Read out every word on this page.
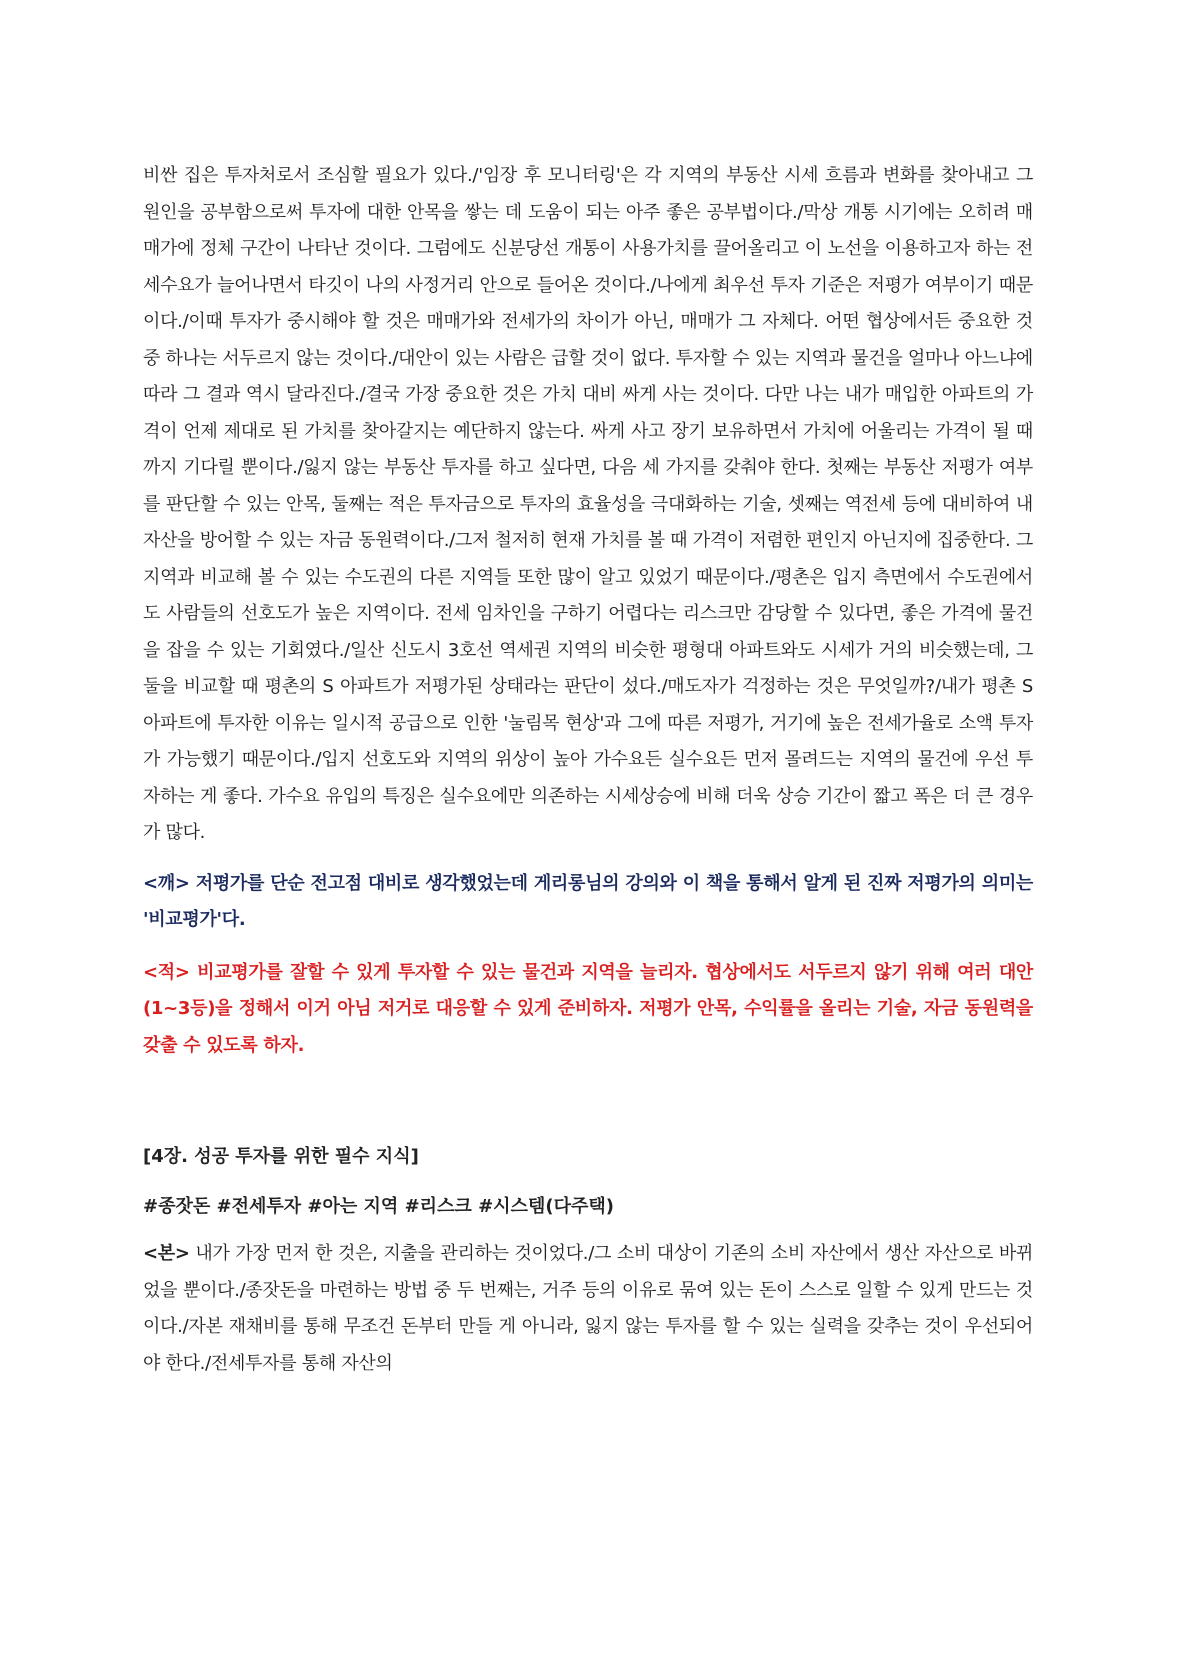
비싼 집은 투자처로서 조심할 필요가 있다./'임장 후 모니터링'은 각 지역의 부동산 시세 흐름과 변화를 찾아내고 그 원인을 공부함으로써 투자에 대한 안목을 쌓는 데 도움이 되는 아주 좋은 공부법이다./막상 개통 시기에는 오히려 매매가에 정체 구간이 나타난 것이다. 그럼에도 신분당선 개통이 사용가치를 끌어올리고 이 노선을 이용하고자 하는 전세수요가 늘어나면서 타깃이 나의 사정거리 안으로 들어온 것이다./나에게 최우선 투자 기준은 저평가 여부이기 때문이다./이때 투자가 중시해야 할 것은 매매가와 전세가의 차이가 아닌, 매매가 그 자체다. 어떤 협상에서든 중요한 것 중 하나는 서두르지 않는 것이다./대안이 있는 사람은 급할 것이 없다. 투자할 수 있는 지역과 물건을 얼마나 아느냐에 따라 그 결과 역시 달라진다./결국 가장 중요한 것은 가치 대비 싸게 사는 것이다. 다만 나는 내가 매입한 아파트의 가격이 언제 제대로 된 가치를 찾아갈지는 예단하지 않는다. 싸게 사고 장기 보유하면서 가치에 어울리는 가격이 될 때까지 기다릴 뿐이다./잃지 않는 부동산 투자를 하고 싶다면, 다음 세 가지를 갖춰야 한다. 첫째는 부동산 저평가 여부를 판단할 수 있는 안목, 둘째는 적은 투자금으로 투자의 효율성을 극대화하는 기술, 셋째는 역전세 등에 대비하여 내 자산을 방어할 수 있는 자금 동원력이다./그저 철저히 현재 가치를 볼 때 가격이 저렴한 편인지 아닌지에 집중한다. 그 지역과 비교해 볼 수 있는 수도권의 다른 지역들 또한 많이 알고 있었기 때문이다./평촌은 입지 측면에서 수도권에서도 사람들의 선호도가 높은 지역이다. 전세 임차인을 구하기 어렵다는 리스크만 감당할 수 있다면, 좋은 가격에 물건을 잡을 수 있는 기회였다./일산 신도시 3호선 역세권 지역의 비슷한 평형대 아파트와도 시세가 거의 비슷했는데, 그 둘을 비교할 때 평촌의 S 아파트가 저평가된 상태라는 판단이 섰다./매도자가 걱정하는 것은 무엇일까?/내가 평촌 S 아파트에 투자한 이유는 일시적 공급으로 인한 '눌림목 현상'과 그에 따른 저평가, 거기에 높은 전세가율로 소액 투자가 가능했기 때문이다./입지 선호도와 지역의 위상이 높아 가수요든 실수요든 먼저 몰려드는 지역의 물건에 우선 투자하는 게 좋다. 가수요 유입의 특징은 실수요에만 의존하는 시세상승에 비해 더욱 상승 기간이 짧고 폭은 더 큰 경우가 많다.

<깨> 저평가를 단순 전고점 대비로 생각했었는데 게리롱님의 강의와 이 책을 통해서 알게 된 진짜 저평가의 의미는 '비교평가'다.

<적> 비교평가를 잘할 수 있게 투자할 수 있는 물건과 지역을 늘리자. 협상에서도 서두르지 않기 위해 여러 대안(1~3등)을 정해서 이거 아님 저거로 대응할 수 있게 준비하자. 저평가 안목, 수익률을 올리는 기술, 자금 동원력을 갖출 수 있도록 하자.

[4장. 성공 투자를 위한 필수 지식]

#종잣돈 #전세투자 #아는 지역 #리스크 #시스템(다주택)

<본> 내가 가장 먼저 한 것은, 지출을 관리하는 것이었다./그 소비 대상이 기존의 소비 자산에서 생산 자산으로 바뀌었을 뿐이다./종잣돈을 마련하는 방법 중 두 번째는, 거주 등의 이유로 묶여 있는 돈이 스스로 일할 수 있게 만드는 것이다./자본 재채비를 통해 무조건 돈부터 만들 게 아니라, 잃지 않는 투자를 할 수 있는 실력을 갖추는 것이 우선되어야 한다./전세투자를 통해 자산의
